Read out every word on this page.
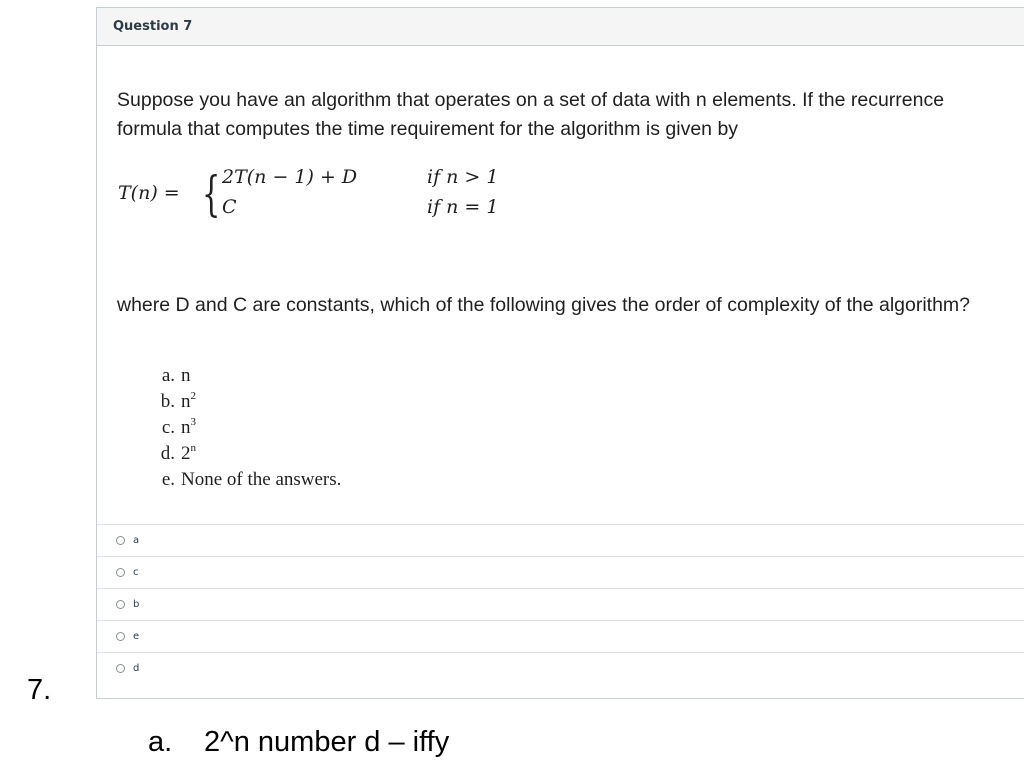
Question 7

Suppose you have an algorithm that operates on a set of data with n elements. If the recurrence formula that computes the time requirement for the algorithm is given by

T(n) = { 2T(n − 1) + D
C
if n > 1
if n = 1

where D and C are constants, which of the following gives the order of complexity of the algorithm?

a. n
b. $n^2$
c. $n^3$
d. 2$^n$
e. None of the answers.
a
c
b
e
d
7.
a. 2^n number d – iffy
